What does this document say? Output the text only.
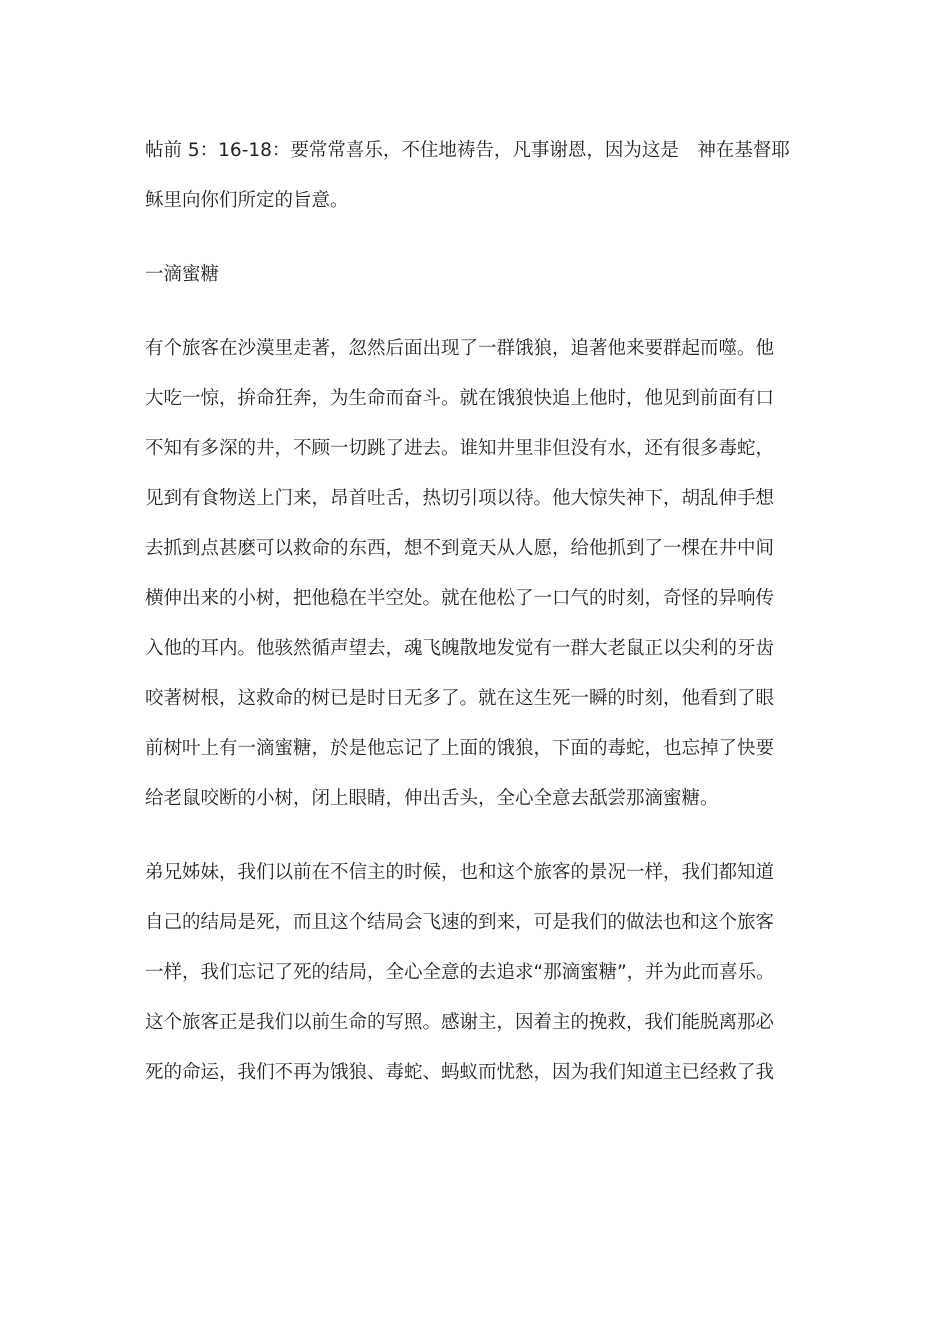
帖前 5：16-18：要常常喜乐，不住地祷告，凡事谢恩，因为这是　神在基督耶
稣里向你们所定的旨意。
一滴蜜糖
有个旅客在沙漠里走著，忽然后面出现了一群饿狼，追著他来要群起而噬。他
大吃一惊，拚命狂奔，为生命而奋斗。就在饿狼快追上他时，他见到前面有口
不知有多深的井，不顾一切跳了进去。谁知井里非但没有水，还有很多毒蛇，
见到有食物送上门来，昂首吐舌，热切引项以待。他大惊失神下，胡乱伸手想
去抓到点甚麽可以救命的东西，想不到竟天从人愿，给他抓到了一棵在井中间
横伸出来的小树，把他稳在半空处。就在他松了一口气的时刻，奇怪的异响传
入他的耳内。他骇然循声望去，魂飞魄散地发觉有一群大老鼠正以尖利的牙齿
咬著树根，这救命的树已是时日无多了。就在这生死一瞬的时刻，他看到了眼
前树叶上有一滴蜜糖，於是他忘记了上面的饿狼，下面的毒蛇，也忘掉了快要
给老鼠咬断的小树，闭上眼睛，伸出舌头，全心全意去舐尝那滴蜜糖。
弟兄姊妹，我们以前在不信主的时候，也和这个旅客的景况一样，我们都知道
自己的结局是死，而且这个结局会飞速的到来，可是我们的做法也和这个旅客
一样，我们忘记了死的结局，全心全意的去追求“那滴蜜糖”，并为此而喜乐。
这个旅客正是我们以前生命的写照。感谢主，因着主的挽救，我们能脱离那必
死的命运，我们不再为饿狼、毒蛇、蚂蚁而忧愁，因为我们知道主已经救了我
